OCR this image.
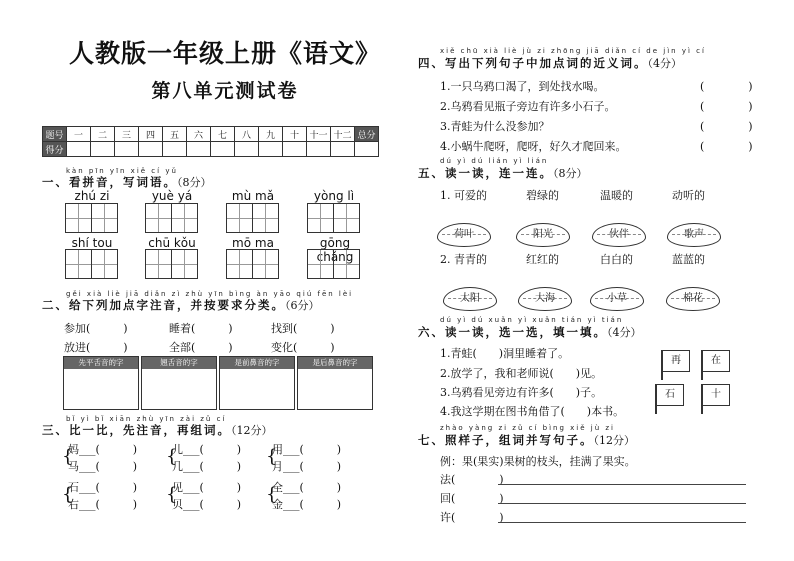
人教版一年级上册《语文》
第八单元测试卷
题号	一	二	三	四	五	六	七	八	九	十	十一	十二	总分
得分													
kàn pīn yīn xiě cí yǔ
一、看拼音，写词语。（8分）
zhú zi	yuè yá	mù mǎ	yòng lì
shí tou	chū kǒu	mō ma	gōng
gěi xià liè jiā diǎn zì zhù yīn bìng àn yāo qiú fēn lèi
二、给下列加点字注音，并按要求分类。（6分）
参加(　　　)	睡着(　　　)	找到(　　　)
放进(　　　)	全部(　　　)	变化(　　　)
先平舌音的字	翘舌音的字	是前鼻音的字	是后鼻音的字
bǐ yì bǐ xiān zhù yīn zài zǔ cí
三、比一比，先注音，再组词。（12分）
{
妈___(　　　)
马___(　　　) {
儿___(　　　)
几___(　　　) {
用___(　　　)
月___(　　　)
{
石___(　　　)
右___(　　　) {
见___(　　　)
贝___(　　　) {
全___(　　　)
金___(　　　)
xiě chū xià liè jù zi zhōng jiā diǎn cí de jìn yì cí
四、写出下列句子中加点词的近义词。（4分）
1.一只乌鸦口渴了，到处找水喝。	(　　　　)
2.乌鸦看见瓶子旁边有许多小石子。	(　　　　)
3.青蛙为什么没参加？	(　　　　)
4.小蜗牛爬呀，爬呀，好久才爬回来。	(　　　　)
dú yì dú lián yì lián
五、读一读，连一连。（8分）
1. 可爱的	碧绿的	温暖的	动听的
荷叶	阳光	伙伴	歌声
2. 青青的	红红的	白白的	蓝蓝的
太阳	大海	小草	棉花
dú yì dú xuǎn yì xuǎn tián yì tián
六、读一读，选一选，填一填。（4分）
1.青蛙(　　)洞里睡着了。
2.放学了，我和老师说(　　)见。
3.乌鸦看见旁边有许多(　　)子。
4.我这学期在图书角借了(　　)本书。
再	在
石	十
zhào yàng zi zǔ cí bìng xiě jù zi
七、照样子，组词并写句子。（12分）
例：果(果实)果树的枝头，挂满了果实。
法(　　　　)
回(　　　　)
许(　　　　)
